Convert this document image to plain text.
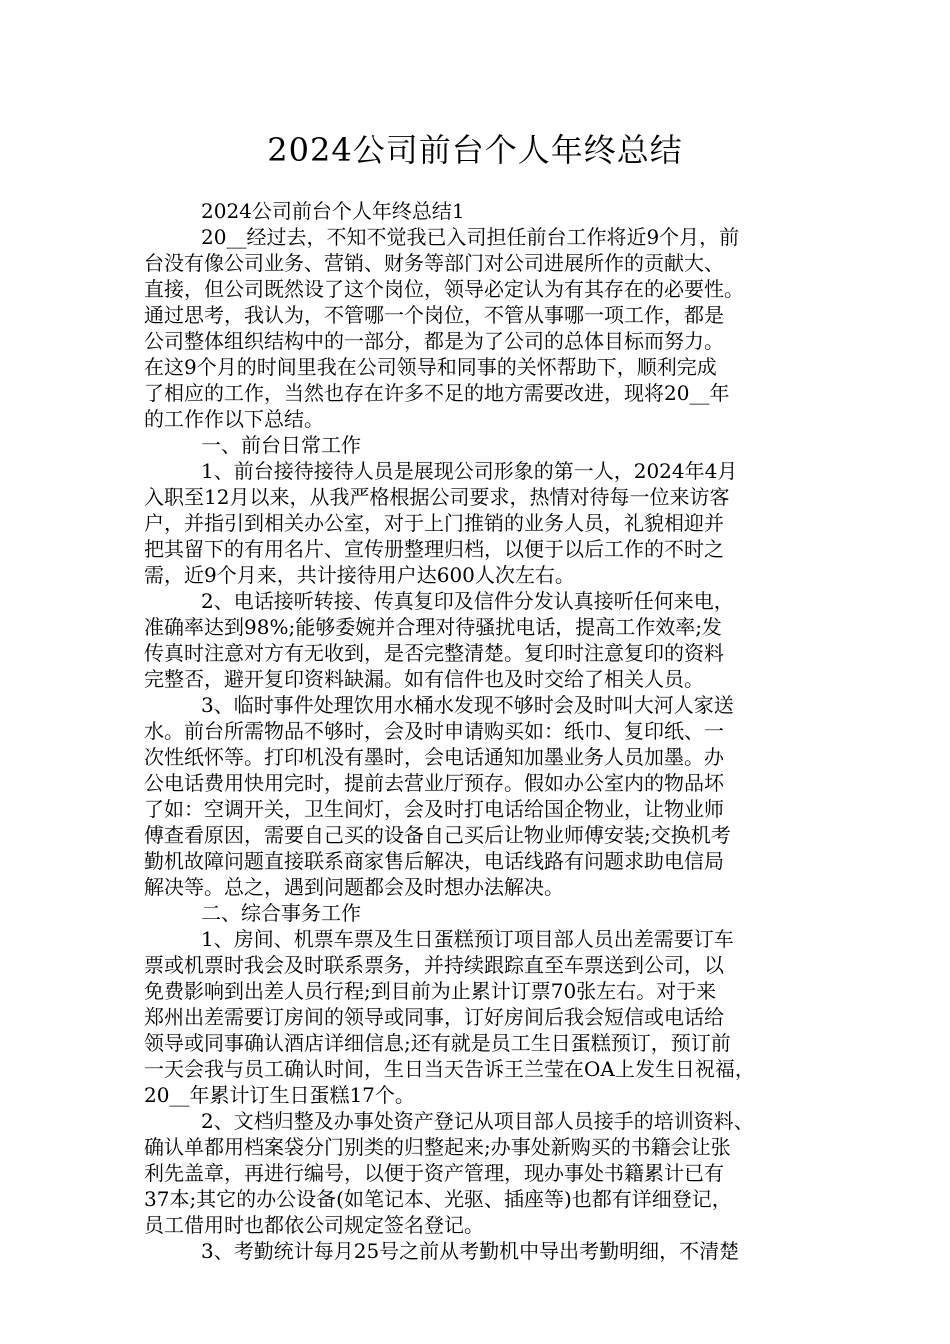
2024公司前台个人年终总结
2024公司前台个人年终总结1
20__经过去，不知不觉我已入司担任前台工作将近9个月，前
台没有像公司业务、营销、财务等部门对公司进展所作的贡献大、
直接，但公司既然设了这个岗位，领导必定认为有其存在的必要性。
通过思考，我认为，不管哪一个岗位，不管从事哪一项工作，都是
公司整体组织结构中的一部分，都是为了公司的总体目标而努力。
在这9个月的时间里我在公司领导和同事的关怀帮助下，顺利完成
了相应的工作，当然也存在许多不足的地方需要改进，现将20__年
的工作作以下总结。
一、前台日常工作
1、前台接待接待人员是展现公司形象的第一人，2024年4月
入职至12月以来，从我严格根据公司要求，热情对待每一位来访客
户，并指引到相关办公室，对于上门推销的业务人员，礼貌相迎并
把其留下的有用名片、宣传册整理归档，以便于以后工作的不时之
需，近9个月来，共计接待用户达600人次左右。
2、电话接听转接、传真复印及信件分发认真接听任何来电，
准确率达到98%;能够委婉并合理对待骚扰电话，提高工作效率;发
传真时注意对方有无收到，是否完整清楚。复印时注意复印的资料
完整否，避开复印资料缺漏。如有信件也及时交给了相关人员。
3、临时事件处理饮用水桶水发现不够时会及时叫大河人家送
水。前台所需物品不够时，会及时申请购买如：纸巾、复印纸、一
次性纸怀等。打印机没有墨时，会电话通知加墨业务人员加墨。办
公电话费用快用完时，提前去营业厅预存。假如办公室内的物品坏
了如：空调开关，卫生间灯，会及时打电话给国企物业，让物业师
傅查看原因，需要自己买的设备自己买后让物业师傅安装;交换机考
勤机故障问题直接联系商家售后解决，电话线路有问题求助电信局
解决等。总之，遇到问题都会及时想办法解决。
二、综合事务工作
1、房间、机票车票及生日蛋糕预订项目部人员出差需要订车
票或机票时我会及时联系票务，并持续跟踪直至车票送到公司，以
免费影响到出差人员行程;到目前为止累计订票70张左右。对于来
郑州出差需要订房间的领导或同事，订好房间后我会短信或电话给
领导或同事确认酒店详细信息;还有就是员工生日蛋糕预订，预订前
一天会我与员工确认时间，生日当天告诉王兰莹在OA上发生日祝福，
20__年累计订生日蛋糕17个。
2、文档归整及办事处资产登记从项目部人员接手的培训资料、
确认单都用档案袋分门别类的归整起来;办事处新购买的书籍会让张
利先盖章，再进行编号，以便于资产管理，现办事处书籍累计已有
37本;其它的办公设备(如笔记本、光驱、插座等)也都有详细登记，
员工借用时也都依公司规定签名登记。
3、考勤统计每月25号之前从考勤机中导出考勤明细，不清楚
